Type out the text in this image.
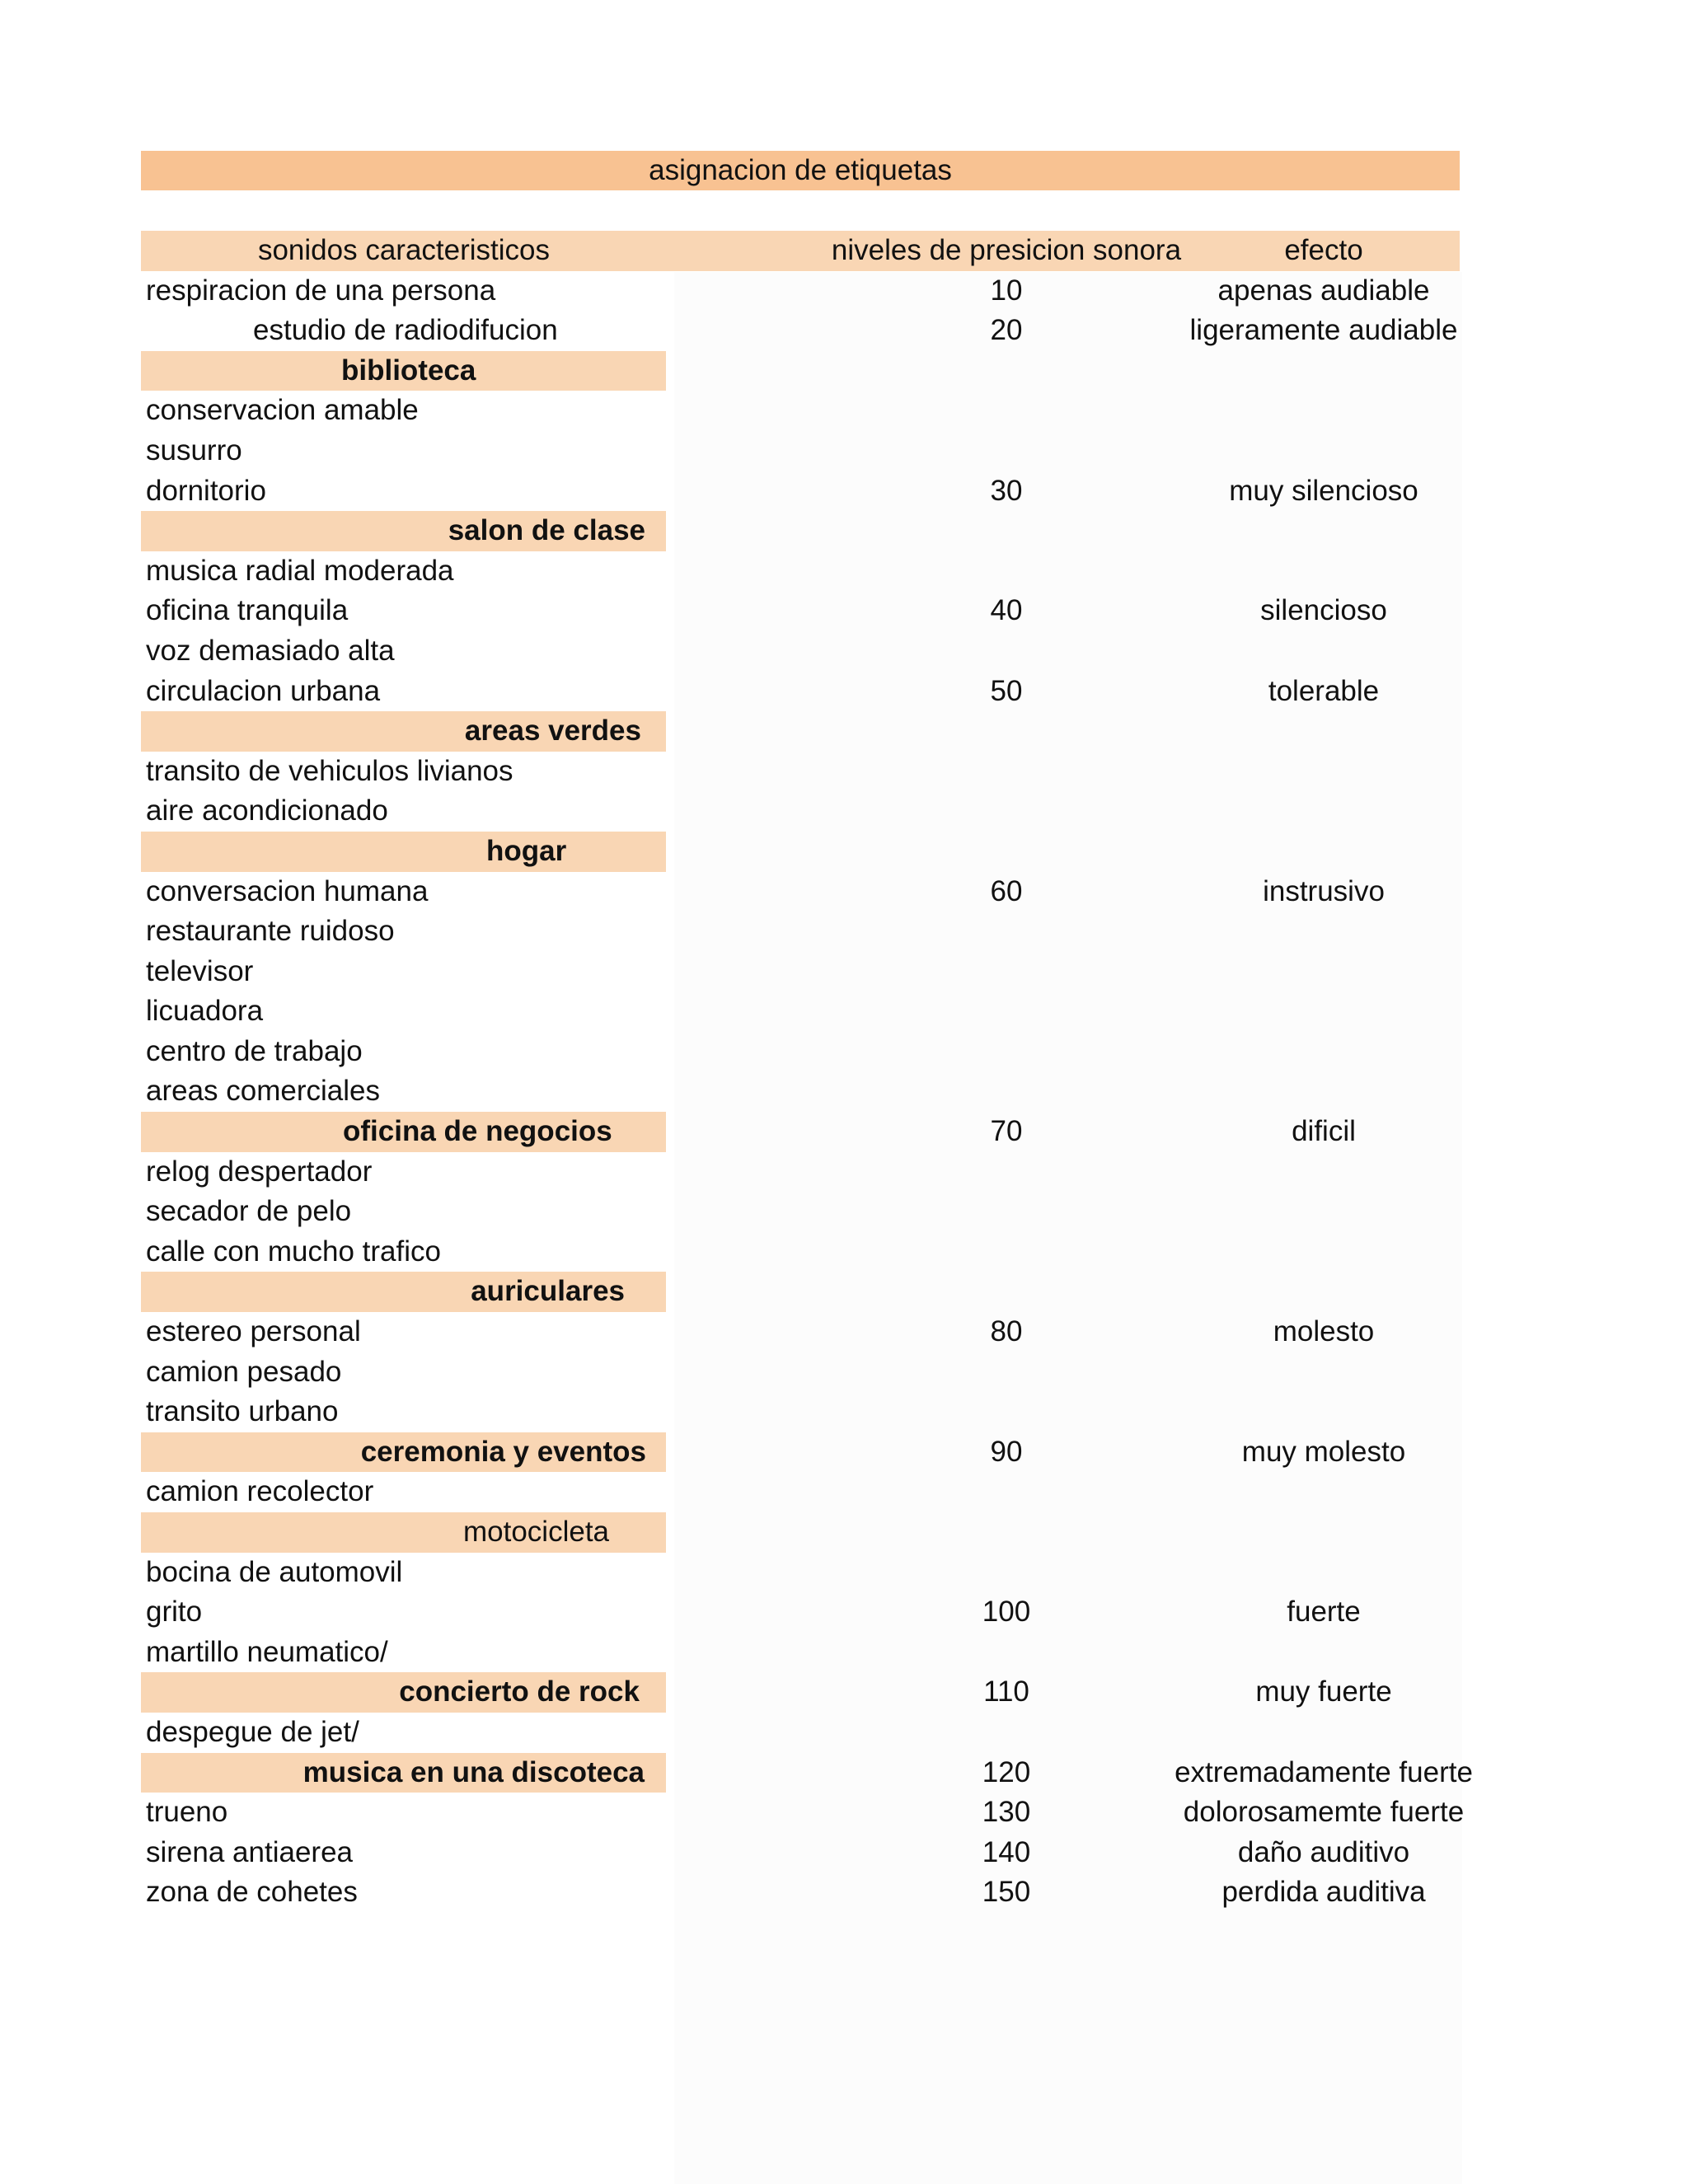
asignacion de etiquetas
sonidos caracteristicos	niveles de presicion sonora	efecto
respiracion de una persona	10	apenas audiable
estudio de radiodifucion	20	ligeramente audiable
biblioteca
conservacion amable
susurro
dornitorio	30	muy silencioso
salon de clase
musica radial moderada
oficina tranquila	40	silencioso
voz demasiado alta
circulacion urbana	50	tolerable
areas verdes
transito de vehiculos livianos
aire acondicionado
hogar
conversacion humana	60	instrusivo
restaurante ruidoso
televisor
licuadora
centro de trabajo
areas comerciales
oficina de negocios	70	dificil
relog despertador
secador de pelo
calle con mucho trafico
auriculares
estereo personal	80	molesto
camion pesado
transito urbano
ceremonia y eventos	90	muy molesto
camion recolector
motocicleta
bocina de automovil
grito	100	fuerte
martillo neumatico/
concierto de rock	110	muy fuerte
despegue de jet/
musica en una discoteca	120	extremadamente fuerte
trueno	130	dolorosamemte fuerte
sirena antiaerea	140	daño auditivo
zona de cohetes	150	perdida auditiva
